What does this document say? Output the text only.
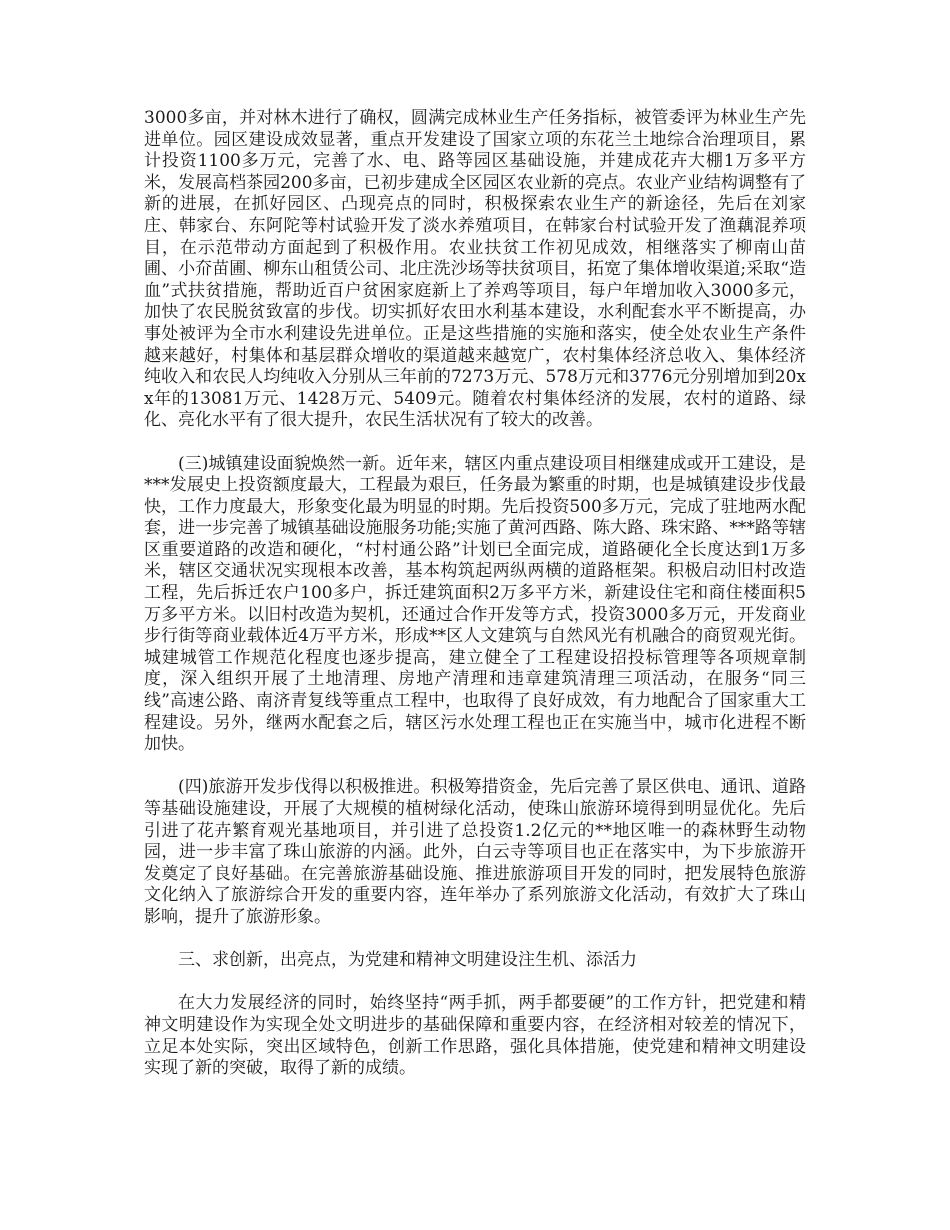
3000多亩，并对林木进行了确权，圆满完成林业生产任务指标，被管委评为林业生产先进单位。园区建设成效显著，重点开发建设了国家立项的东花兰土地综合治理项目，累计投资1100多万元，完善了水、电、路等园区基础设施，并建成花卉大棚1万多平方米，发展高档茶园200多亩，已初步建成全区园区农业新的亮点。农业产业结构调整有了新的进展，在抓好园区、凸现亮点的同时，积极探索农业生产的新途径，先后在刘家庄、韩家台、东阿陀等村试验开发了淡水养殖项目，在韩家台村试验开发了渔藕混养项目，在示范带动方面起到了积极作用。农业扶贫工作初见成效，相继落实了柳南山苗圃、小夼苗圃、柳东山租赁公司、北庄洗沙场等扶贫项目，拓宽了集体增收渠道;采取“造血”式扶贫措施，帮助近百户贫困家庭新上了养鸡等项目，每户年增加收入3000多元，加快了农民脱贫致富的步伐。切实抓好农田水利基本建设，水利配套水平不断提高，办事处被评为全市水利建设先进单位。正是这些措施的实施和落实，使全处农业生产条件越来越好，村集体和基层群众增收的渠道越来越宽广，农村集体经济总收入、集体经济纯收入和农民人均纯收入分别从三年前的7273万元、578万元和3776元分别增加到20xx年的13081万元、1428万元、5409元。随着农村集体经济的发展，农村的道路、绿化、亮化水平有了很大提升，农民生活状况有了较大的改善。

(三)城镇建设面貌焕然一新。近年来，辖区内重点建设项目相继建成或开工建设，是***发展史上投资额度最大，工程最为艰巨，任务最为繁重的时期，也是城镇建设步伐最快，工作力度最大，形象变化最为明显的时期。先后投资500多万元，完成了驻地两水配套，进一步完善了城镇基础设施服务功能;实施了黄河西路、陈大路、珠宋路、***路等辖区重要道路的改造和硬化，“村村通公路”计划已全面完成，道路硬化全长度达到1万多米，辖区交通状况实现根本改善，基本构筑起两纵两横的道路框架。积极启动旧村改造工程，先后拆迁农户100多户，拆迁建筑面积2万多平方米，新建设住宅和商住楼面积5万多平方米。以旧村改造为契机，还通过合作开发等方式，投资3000多万元，开发商业步行街等商业载体近4万平方米，形成**区人文建筑与自然风光有机融合的商贸观光街。城建城管工作规范化程度也逐步提高，建立健全了工程建设招投标管理等各项规章制度，深入组织开展了土地清理、房地产清理和违章建筑清理三项活动，在服务“同三线”高速公路、南济青复线等重点工程中，也取得了良好成效，有力地配合了国家重大工程建设。另外，继两水配套之后，辖区污水处理工程也正在实施当中，城市化进程不断加快。

(四)旅游开发步伐得以积极推进。积极筹措资金，先后完善了景区供电、通讯、道路等基础设施建设，开展了大规模的植树绿化活动，使珠山旅游环境得到明显优化。先后引进了花卉繁育观光基地项目，并引进了总投资1.2亿元的**地区唯一的森林野生动物园，进一步丰富了珠山旅游的内涵。此外，白云寺等项目也正在落实中，为下步旅游开发奠定了良好基础。在完善旅游基础设施、推进旅游项目开发的同时，把发展特色旅游文化纳入了旅游综合开发的重要内容，连年举办了系列旅游文化活动，有效扩大了珠山影响，提升了旅游形象。

三、求创新，出亮点，为党建和精神文明建设注生机、添活力

在大力发展经济的同时，始终坚持“两手抓，两手都要硬”的工作方针，把党建和精神文明建设作为实现全处文明进步的基础保障和重要内容，在经济相对较差的情况下，立足本处实际，突出区域特色，创新工作思路，强化具体措施，使党建和精神文明建设实现了新的突破，取得了新的成绩。
